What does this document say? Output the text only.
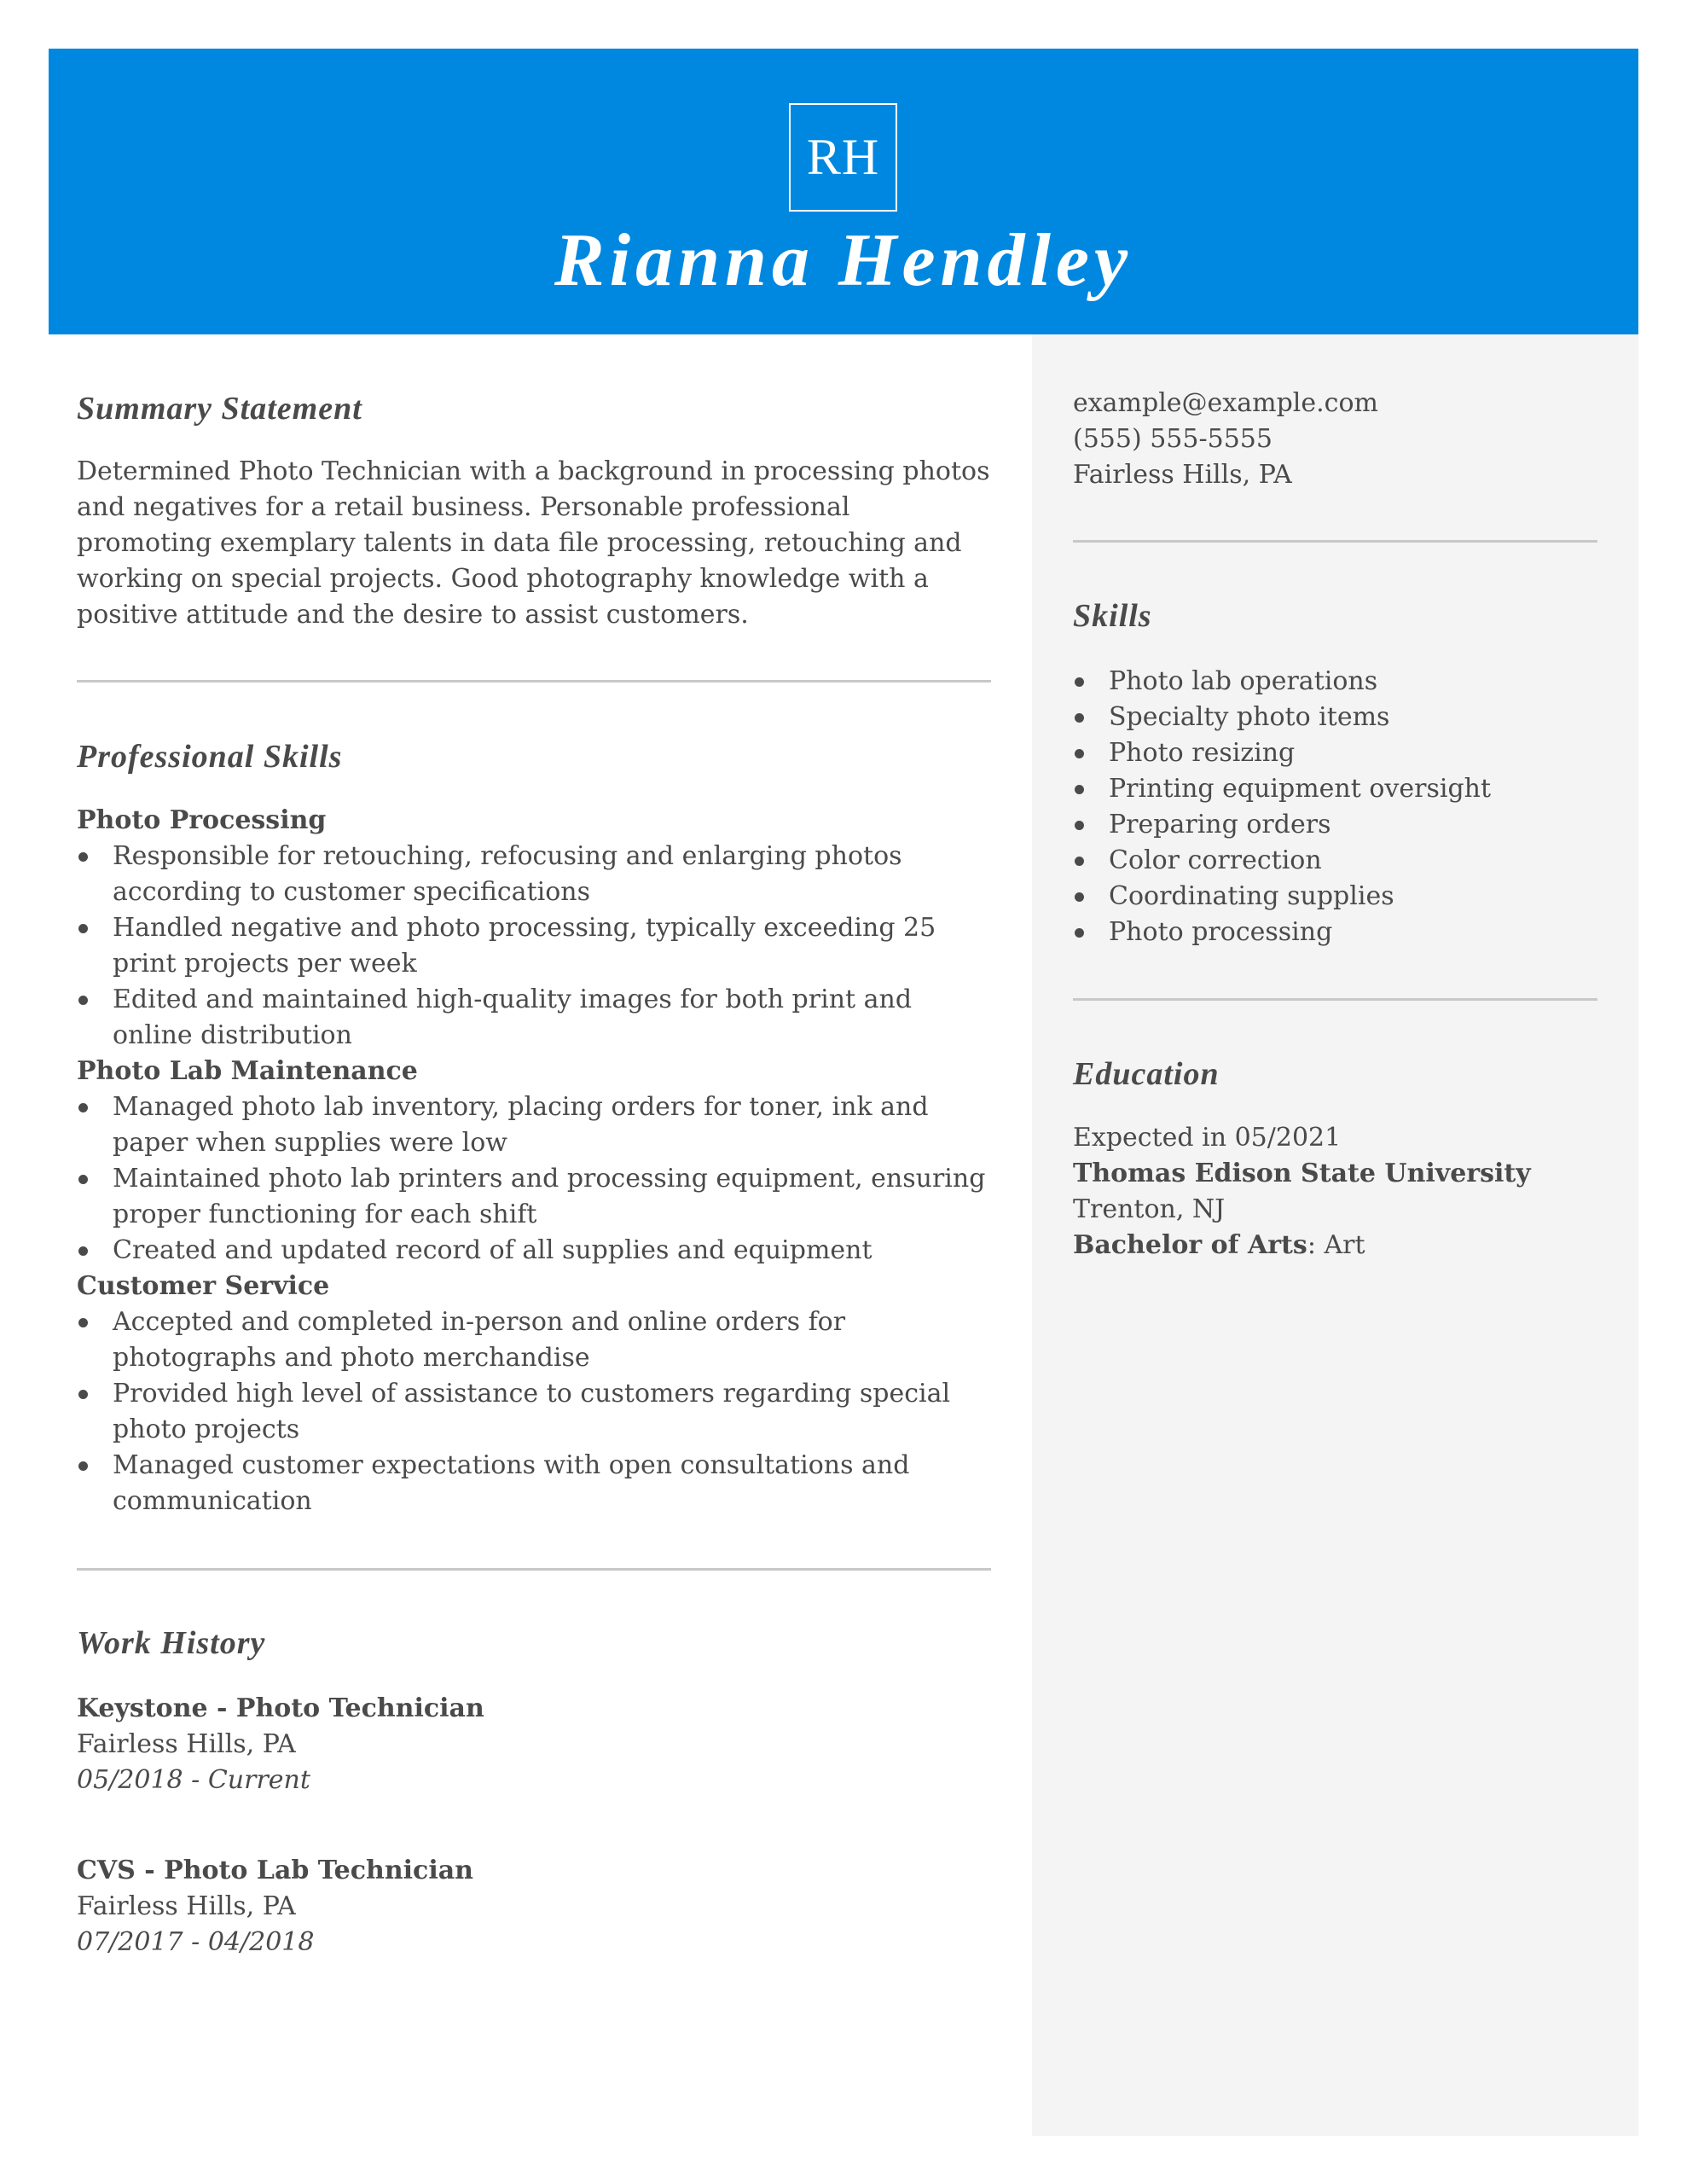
RH
Rianna Hendley
Summary Statement
Determined Photo Technician with a background in processing photos and negatives for a retail business. Personable professional promoting exemplary talents in data file processing, retouching and working on special projects. Good photography knowledge with a positive attitude and the desire to assist customers.
Professional Skills
Photo Processing
Responsible for retouching, refocusing and enlarging photos according to customer specifications
Handled negative and photo processing, typically exceeding 25 print projects per week
Edited and maintained high-quality images for both print and online distribution
Photo Lab Maintenance
Managed photo lab inventory, placing orders for toner, ink and paper when supplies were low
Maintained photo lab printers and processing equipment, ensuring proper functioning for each shift
Created and updated record of all supplies and equipment
Customer Service
Accepted and completed in-person and online orders for photographs and photo merchandise
Provided high level of assistance to customers regarding special photo projects
Managed customer expectations with open consultations and communication
Work History
Keystone - Photo Technician
Fairless Hills, PA
05/2018 - Current
CVS - Photo Lab Technician
Fairless Hills, PA
07/2017 - 04/2018
example@example.com
(555) 555-5555
Fairless Hills, PA
Skills
Photo lab operations
Specialty photo items
Photo resizing
Printing equipment oversight
Preparing orders
Color correction
Coordinating supplies
Photo processing
Education
Expected in 05/2021
Thomas Edison State University
Trenton, NJ
Bachelor of Arts: Art
